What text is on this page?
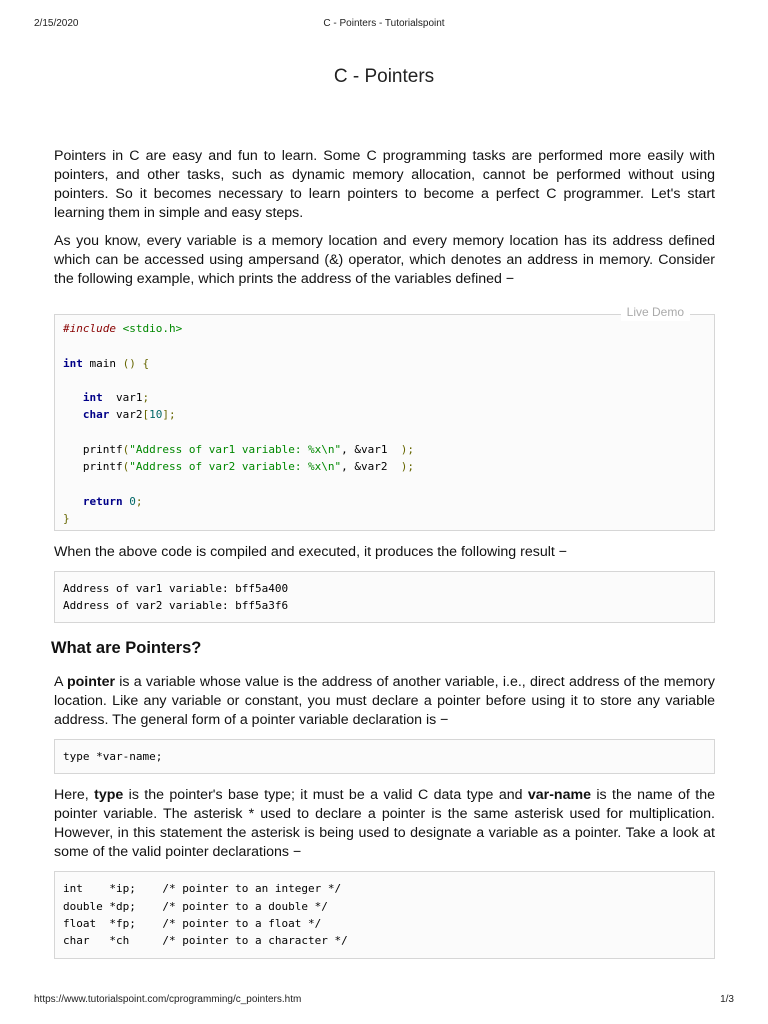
2/15/2020	C - Pointers - Tutorialspoint
C - Pointers

Pointers in C are easy and fun to learn. Some C programming tasks are performed more easily with pointers, and other tasks, such as dynamic memory allocation, cannot be performed without using pointers. So it becomes necessary to learn pointers to become a perfect C programmer. Let's start learning them in simple and easy steps.

As you know, every variable is a memory location and every memory location has its address defined which can be accessed using ampersand (&) operator, which denotes an address in memory. Consider the following example, which prints the address of the variables defined −

Live Demo
#include <stdio.h>

int main () {

int var1;
char var2[10];

printf("Address of var1 variable: %x\n", &var1 );
printf("Address of var2 variable: %x\n", &var2 );

return 0;
}

When the above code is compiled and executed, it produces the following result −

Address of var1 variable: bff5a400
Address of var2 variable: bff5a3f6
What are Pointers?

A pointer is a variable whose value is the address of another variable, i.e., direct address of the memory location. Like any variable or constant, you must declare a pointer before using it to store any variable address. The general form of a pointer variable declaration is −

type *var-name;

Here, type is the pointer's base type; it must be a valid C data type and var-name is the name of the pointer variable. The asterisk * used to declare a pointer is the same asterisk used for multiplication. However, in this statement the asterisk is being used to designate a variable as a pointer. Take a look at some of the valid pointer declarations −

int    *ip;    /* pointer to an integer */
double *dp;    /* pointer to a double */
float  *fp;    /* pointer to a float */
char   *ch     /* pointer to a character */
https://www.tutorialspoint.com/cprogramming/c_pointers.htm	1/3
